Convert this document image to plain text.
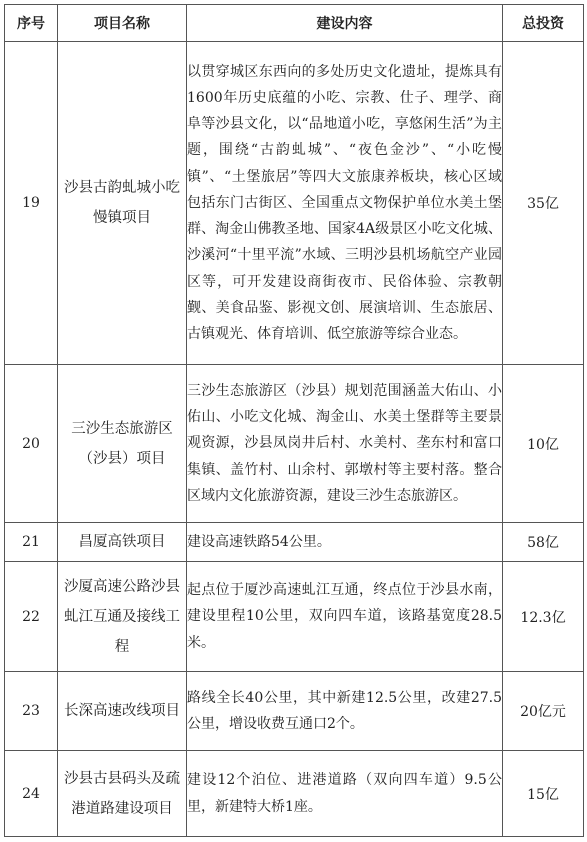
序号	项目名称	建设内容	总投资
19	沙县古韵虬城小吃慢镇项目	以贯穿城区东西向的多处历史文化遗址，提炼具有1600年历史底蕴的小吃、宗教、仕子、理学、商阜等沙县文化，以“品地道小吃，享悠闲生活”为主题，围绕“古韵虬城”、“夜色金沙”、“小吃慢镇”、“土堡旅居”等四大文旅康养板块，核心区域包括东门古街区、全国重点文物保护单位水美土堡群、淘金山佛教圣地、国家4A级景区小吃文化城、沙溪河“十里平流”水域、三明沙县机场航空产业园区等，可开发建设商街夜市、民俗体验、宗教朝觐、美食品鉴、影视文创、展演培训、生态旅居、古镇观光、体育培训、低空旅游等综合业态。	35亿
20	三沙生态旅游区（沙县）项目	三沙生态旅游区（沙县）规划范围涵盖大佑山、小佑山、小吃文化城、淘金山、水美土堡群等主要景观资源，沙县凤岗井后村、水美村、垄东村和富口集镇、盖竹村、山余村、郭墩村等主要村落。整合区域内文化旅游资源，建设三沙生态旅游区。	10亿
21	昌厦高铁项目	建设高速铁路54公里。	58亿
22	沙厦高速公路沙县虬江互通及接线工程	起点位于厦沙高速虬江互通，终点位于沙县水南，建设里程10公里，双向四车道，该路基宽度28.5米。	12.3亿
23	长深高速改线项目	路线全长40公里，其中新建12.5公里，改建27.5公里，增设收费互通口2个。	20亿元
24	沙县古县码头及疏港道路建设项目	建设12个泊位、进港道路（双向四车道）9.5公里，新建特大桥1座。	15亿
